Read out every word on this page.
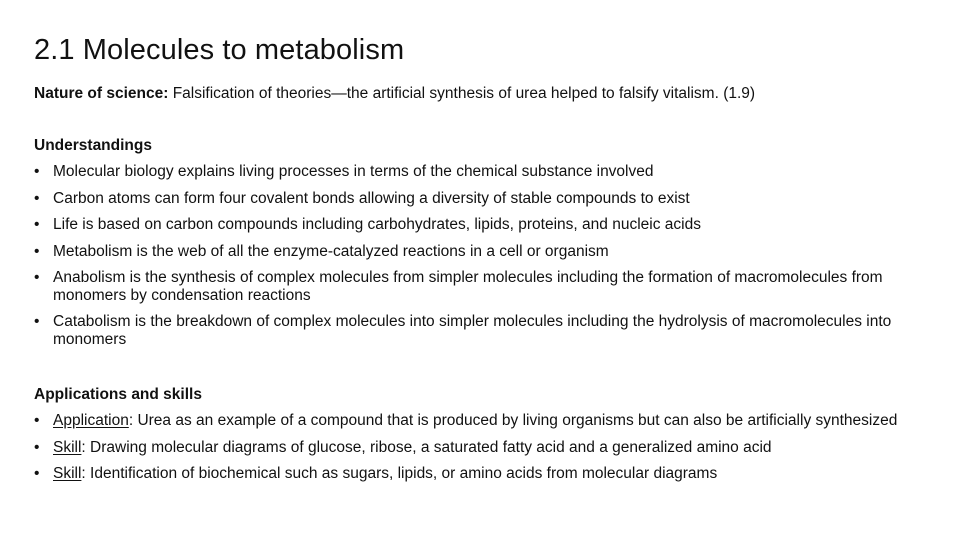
2.1 Molecules to metabolism
Nature of science: Falsification of theories—the artificial synthesis of urea helped to falsify vitalism. (1.9)
Understandings
• Molecular biology explains living processes in terms of the chemical substance involved
• Carbon atoms can form four covalent bonds allowing a diversity of stable compounds to exist
• Life is based on carbon compounds including carbohydrates, lipids, proteins, and nucleic acids
• Metabolism is the web of all the enzyme-catalyzed reactions in a cell or organism
• Anabolism is the synthesis of complex molecules from simpler molecules including the formation of macromolecules from monomers by condensation reactions
• Catabolism is the breakdown of complex molecules into simpler molecules including the hydrolysis of macromolecules into monomers
Applications and skills
• Application: Urea as an example of a compound that is produced by living organisms but can also be artificially synthesized
• Skill: Drawing molecular diagrams of glucose, ribose, a saturated fatty acid and a generalized amino acid
• Skill: Identification of biochemical such as sugars, lipids, or amino acids from molecular diagrams
